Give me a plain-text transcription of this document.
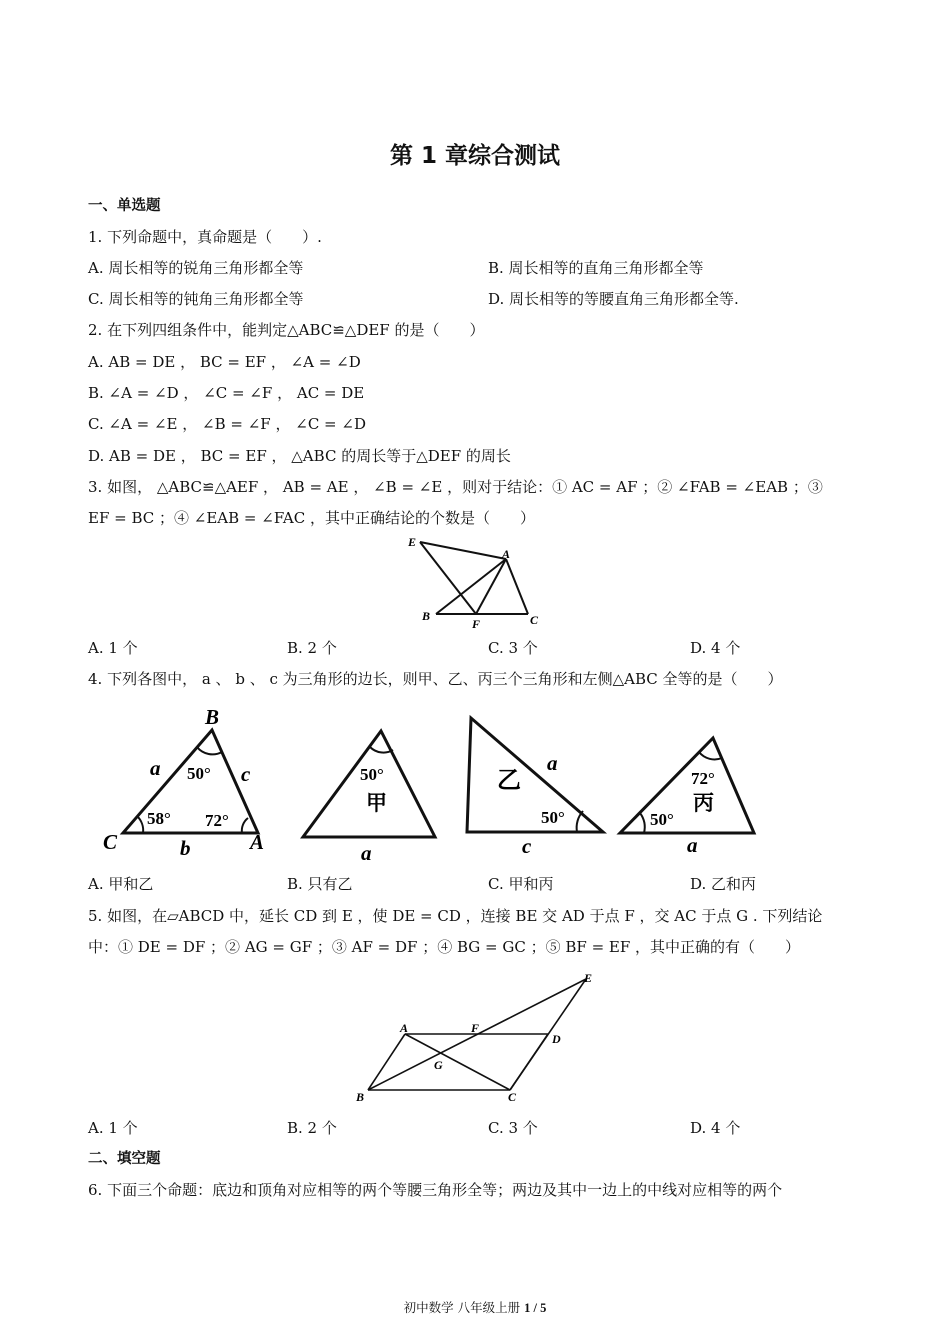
第 1 章综合测试
一、单选题
1. 下列命题中，真命题是（　　）.
A. 周长相等的锐角三角形都全等	B. 周长相等的直角三角形都全等
C. 周长相等的钝角三角形都全等	D. 周长相等的等腰直角三角形都全等.
2. 在下列四组条件中，能判定△ABC≌△DEF 的是（　　）
A. AB = DE ， BC = EF ， ∠A = ∠D
B. ∠A = ∠D ， ∠C = ∠F ， AC = DE
C. ∠A = ∠E ， ∠B = ∠F ， ∠C = ∠D
D. AB = DE ， BC = EF ， △ABC 的周长等于△DEF 的周长
3. 如图， △ABC≌△AEF ， AB = AE ， ∠B = ∠E ，则对于结论：① AC = AF ；② ∠FAB = ∠EAB ；③
EF = BC ；④ ∠EAB = ∠FAC ，其中正确结论的个数是（　　）
E
A
B
F	C
A. 1 个	B. 2 个	C. 3 个	D. 4 个
4. 下列各图中， a 、 b 、 c 为三角形的边长，则甲、乙、丙三个三角形和左侧△ABC 全等的是（　　）
B
C	A
a	c
b
50°
58° 72°
50°
甲
a
a
乙
50°
c
72°
丙
50°
a
A. 甲和乙	B. 只有乙	C. 甲和丙	D. 乙和丙
5. 如图，在▱ABCD 中，延长 CD 到 E ，使 DE = CD ，连接 BE 交 AD 于点 F ，交 AC 于点 G . 下列结论
中：① DE = DF ；② AG = GF ；③ AF = DF ；④ BG = GC ；⑤ BF = EF ，其中正确的有（　　）
E
A	F
D
G
B	C
A. 1 个	B. 2 个	C. 3 个	D. 4 个
二、填空题
6. 下面三个命题：底边和顶角对应相等的两个等腰三角形全等；两边及其中一边上的中线对应相等的两个
初中数学 八年级上册 1 / 5
